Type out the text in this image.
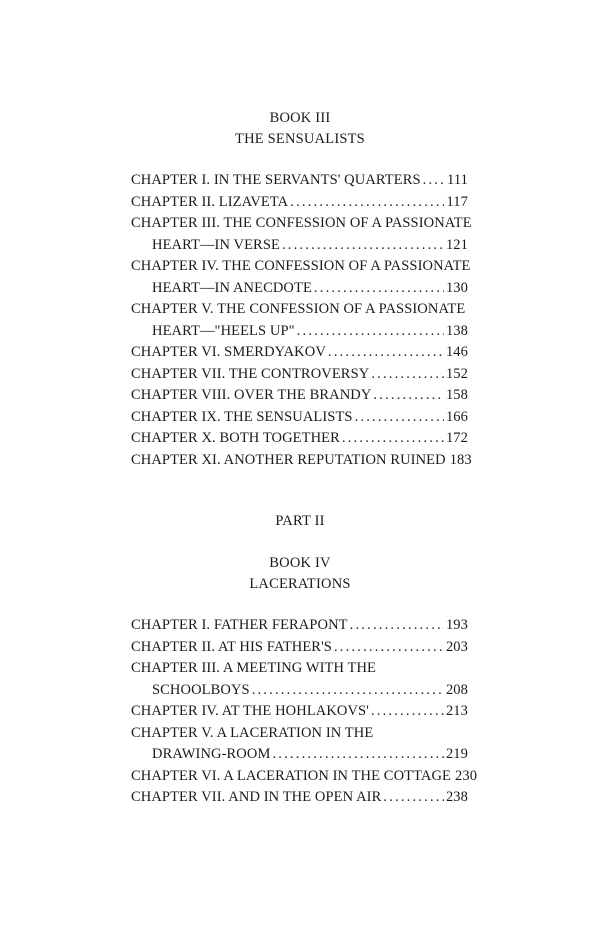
BOOK III
THE SENSUALISTS
CHAPTER I. IN THE SERVANTS' QUARTERS ..... 111
CHAPTER II. LIZAVETA .....	117
CHAPTER III. THE CONFESSION OF A PASSIONATE
HEART—IN VERSE .....	121
CHAPTER IV. THE CONFESSION OF A PASSIONATE
HEART—IN ANECDOTE .....	130
CHAPTER V. THE CONFESSION OF A PASSIONATE
HEART—"HEELS UP" .....	138
CHAPTER VI. SMERDYAKOV .....	146
CHAPTER VII. THE CONTROVERSY .....	152
CHAPTER VIII. OVER THE BRANDY .....	158
CHAPTER IX. THE SENSUALISTS .....	166
CHAPTER X. BOTH TOGETHER .....	172
CHAPTER XI. ANOTHER REPUTATION RUINED 183
PART II
BOOK IV
LACERATIONS
CHAPTER I. FATHER FERAPONT .....	193
CHAPTER II. AT HIS FATHER'S .....	203
CHAPTER III. A MEETING WITH THE
SCHOOLBOYS .....	208
CHAPTER IV. AT THE HOHLAKOVS' .....	213
CHAPTER V. A LACERATION IN THE
DRAWING-ROOM .....	219
CHAPTER VI. A LACERATION IN THE COTTAGE 230
CHAPTER VII. AND IN THE OPEN AIR .....	238
